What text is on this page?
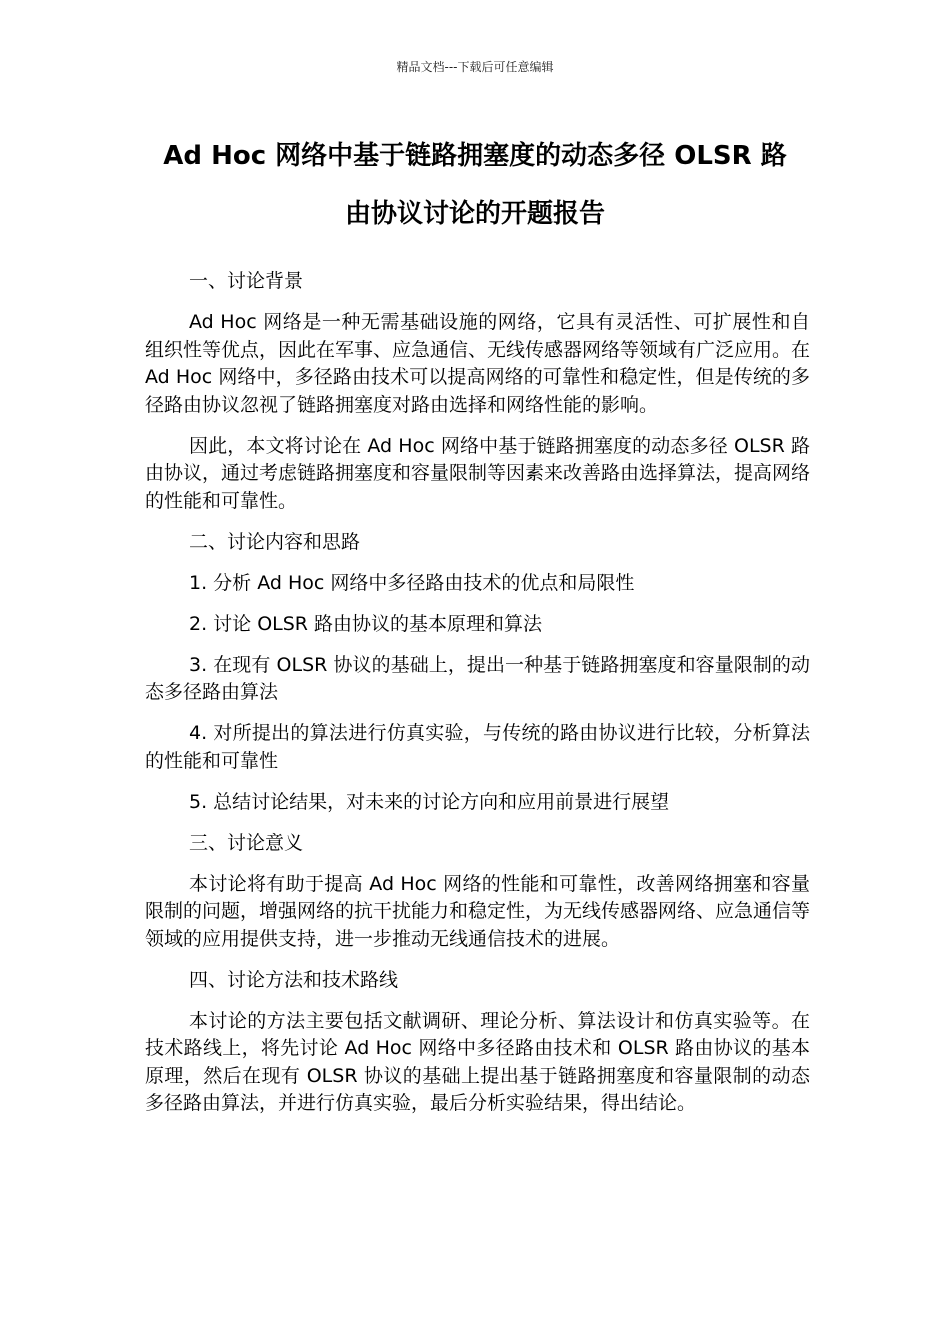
精品文档---下载后可任意编辑
Ad Hoc 网络中基于链路拥塞度的动态多径 OLSR 路
由协议讨论的开题报告

一、讨论背景

Ad Hoc 网络是一种无需基础设施的网络，它具有灵活性、可扩展性和自组织性等优点，因此在军事、应急通信、无线传感器网络等领域有广泛应用。在 Ad Hoc 网络中，多径路由技术可以提高网络的可靠性和稳定性，但是传统的多径路由协议忽视了链路拥塞度对路由选择和网络性能的影响。

因此，本文将讨论在 Ad Hoc 网络中基于链路拥塞度的动态多径 OLSR 路由协议，通过考虑链路拥塞度和容量限制等因素来改善路由选择算法，提高网络的性能和可靠性。

二、讨论内容和思路

1. 分析 Ad Hoc 网络中多径路由技术的优点和局限性

2. 讨论 OLSR 路由协议的基本原理和算法

3. 在现有 OLSR 协议的基础上，提出一种基于链路拥塞度和容量限制的动态多径路由算法

4. 对所提出的算法进行仿真实验，与传统的路由协议进行比较，分析算法的性能和可靠性

5. 总结讨论结果，对未来的讨论方向和应用前景进行展望

三、讨论意义

本讨论将有助于提高 Ad Hoc 网络的性能和可靠性，改善网络拥塞和容量限制的问题，增强网络的抗干扰能力和稳定性，为无线传感器网络、应急通信等领域的应用提供支持，进一步推动无线通信技术的进展。

四、讨论方法和技术路线

本讨论的方法主要包括文献调研、理论分析、算法设计和仿真实验等。在技术路线上，将先讨论 Ad Hoc 网络中多径路由技术和 OLSR 路由协议的基本原理，然后在现有 OLSR 协议的基础上提出基于链路拥塞度和容量限制的动态多径路由算法，并进行仿真实验，最后分析实验结果，得出结论。
